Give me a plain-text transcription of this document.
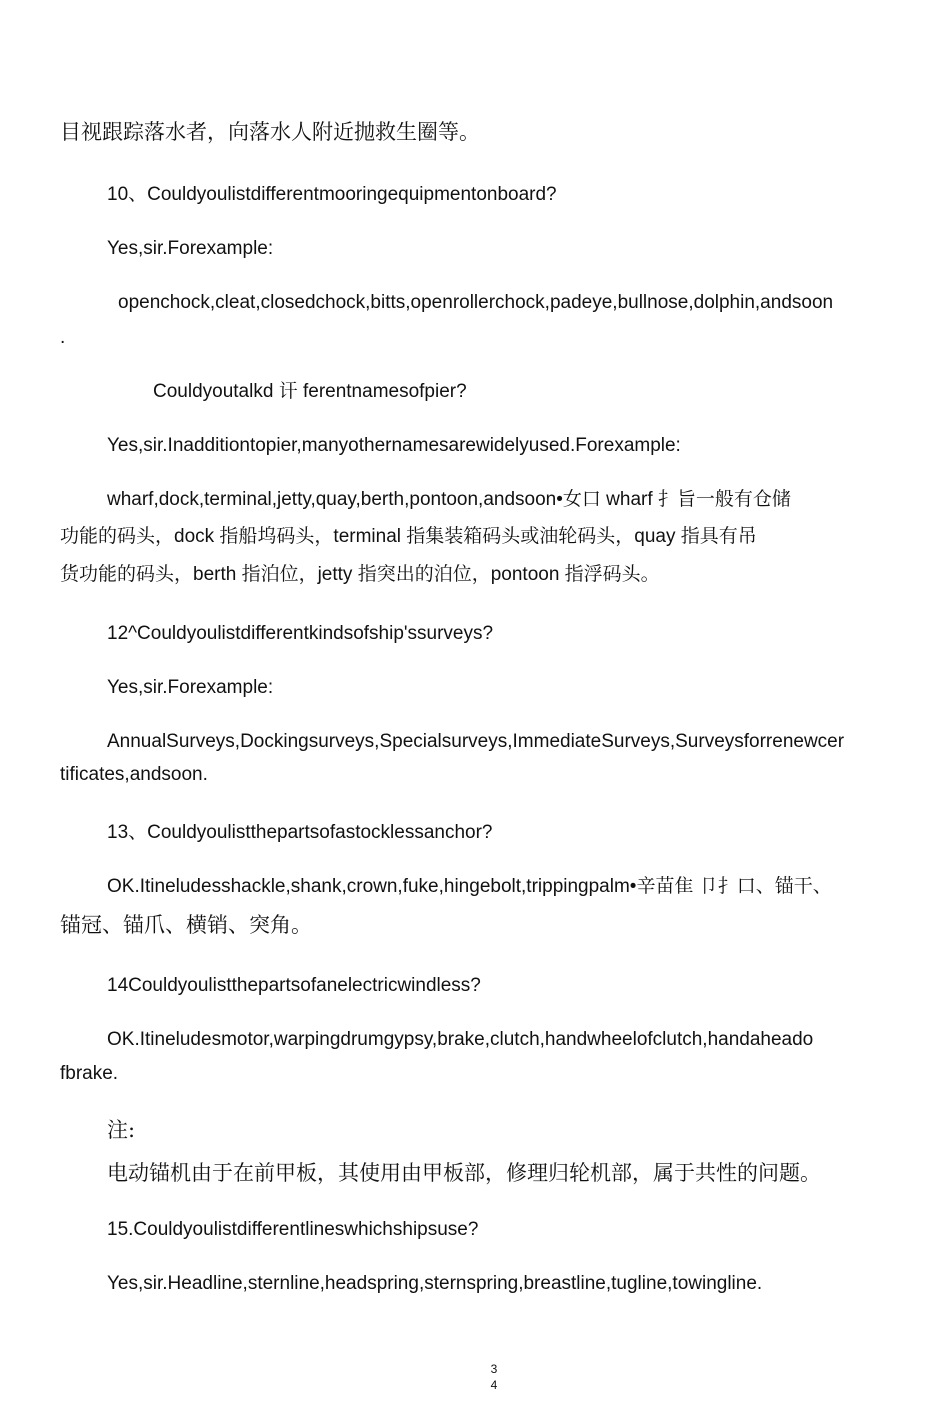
目视跟踪落水者，向落水人附近抛救生圈等。
10、Couldyoulistdifferentmooringequipmentonboard?
Yes,sir.Forexample:
openchock,cleat,closedchock,bitts,openrollerchock,padeye,bullnose,dolphin,andsoon
.
Couldyoutalkd 讦 ferentnamesofpier?
Yes,sir.Inadditiontopier,manyothernamesarewidelyused.Forexample:
wharf,dock,terminal,jetty,quay,berth,pontoon,andsoon•女口 wharf 扌旨一般有仓储
功能的码头，dock 指船坞码头，terminal 指集装箱码头或油轮码头，quay 指具有吊
货功能的码头，berth 指泊位，jetty 指突出的泊位，pontoon 指浮码头。
12^Couldyoulistdifferentkindsofship'ssurveys?
Yes,sir.Forexample:
AnnualSurveys,Dockingsurveys,Specialsurveys,ImmediateSurveys,Surveysforrenewcer
tificates,andsoon.
13、Couldyoulistthepartsofastocklessanchor?
OK.Itineludesshackle,shank,crown,fuke,hingebolt,trippingpalm•辛苗隹 卩扌口、锚干、
锚冠、锚爪、横销、突角。
14Couldyoulistthepartsofanelectricwindless?
OK.Itineludesmotor,warpingdrumgypsy,brake,clutch,handwheelofclutch,handaheado
fbrake.
注:
电动锚机由于在前甲板，其使用由甲板部，修理归轮机部，属于共性的问题。
15.Couldyoulistdifferentlineswhichshipsuse?
Yes,sir.Headline,sternline,headspring,sternspring,breastline,tugline,towingline.
3
4
